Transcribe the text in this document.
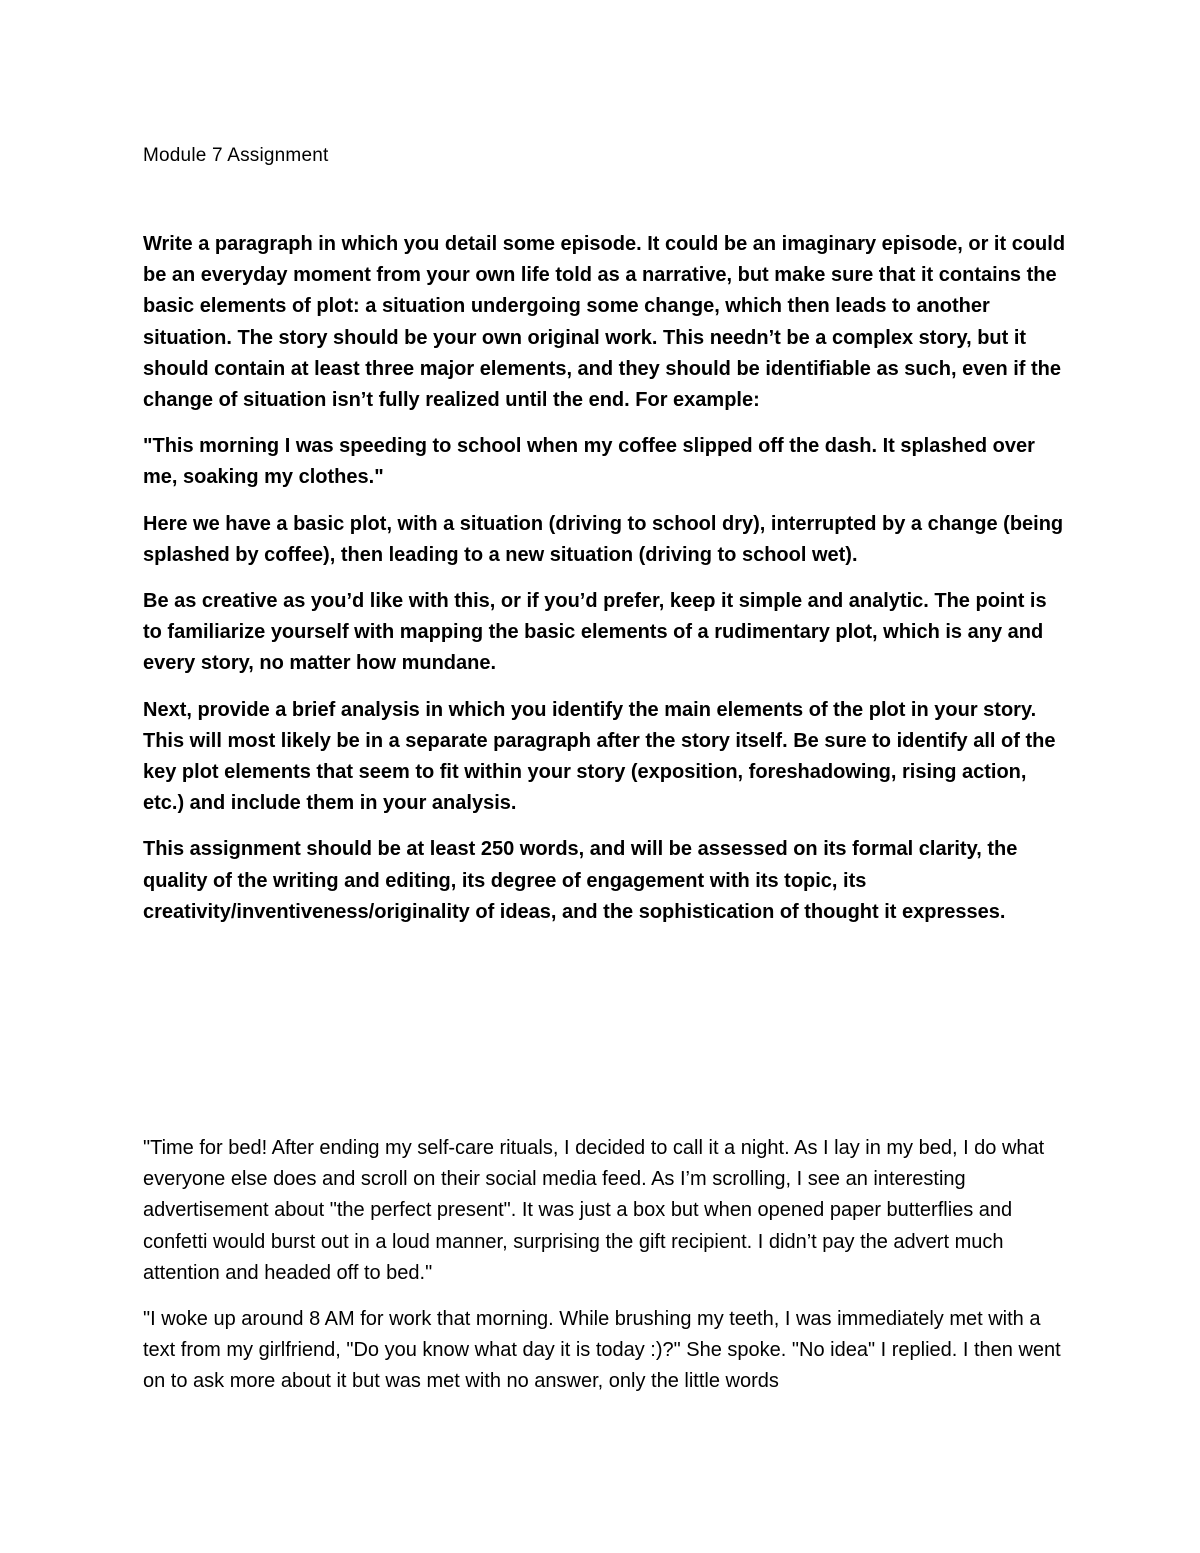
Module 7 Assignment

Write a paragraph in which you detail some episode. It could be an imaginary episode, or it could be an everyday moment from your own life told as a narrative, but make sure that it contains the basic elements of plot: a situation undergoing some change, which then leads to another situation. The story should be your own original work. This needn’t be a complex story, but it should contain at least three major elements, and they should be identifiable as such, even if the change of situation isn’t fully realized until the end. For example:

"This morning I was speeding to school when my coffee slipped off the dash. It splashed over me, soaking my clothes."

Here we have a basic plot, with a situation (driving to school dry), interrupted by a change (being splashed by coffee), then leading to a new situation (driving to school wet).

Be as creative as you’d like with this, or if you’d prefer, keep it simple and analytic. The point is to familiarize yourself with mapping the basic elements of a rudimentary plot, which is any and every story, no matter how mundane.

Next, provide a brief analysis in which you identify the main elements of the plot in your story. This will most likely be in a separate paragraph after the story itself. Be sure to identify all of the key plot elements that seem to fit within your story (exposition, foreshadowing, rising action, etc.) and include them in your analysis.

This assignment should be at least 250 words, and will be assessed on its formal clarity, the quality of the writing and editing, its degree of engagement with its topic, its creativity/inventiveness/originality of ideas, and the sophistication of thought it expresses.

"Time for bed! After ending my self-care rituals, I decided to call it a night. As I lay in my bed, I do what everyone else does and scroll on their social media feed. As I’m scrolling, I see an interesting advertisement about "the perfect present". It was just a box but when opened paper butterflies and confetti would burst out in a loud manner, surprising the gift recipient. I didn’t pay the advert much attention and headed off to bed."

"I woke up around 8 AM for work that morning. While brushing my teeth, I was immediately met with a text from my girlfriend, "Do you know what day it is today :)?" She spoke. "No idea" I replied. I then went on to ask more about it but was met with no answer, only the little words
